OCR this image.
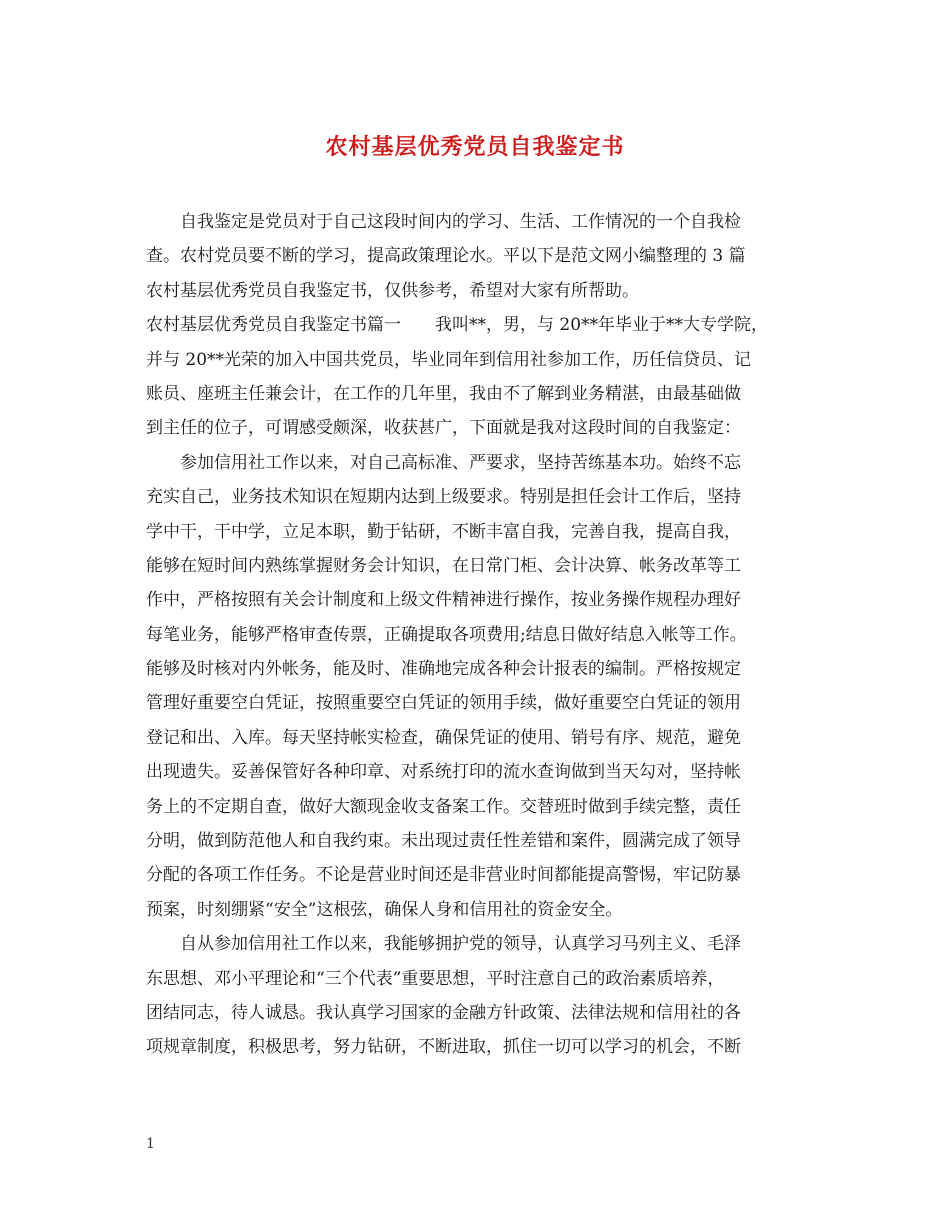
农村基层优秀党员自我鉴定书
自我鉴定是党员对于自己这段时间内的学习、生活、工作情况的一个自我检
查。农村党员要不断的学习，提高政策理论水。平以下是范文网小编整理的 3 篇
农村基层优秀党员自我鉴定书，仅供参考，希望对大家有所帮助。
农村基层优秀党员自我鉴定书篇一 我叫**，男，与 20**年毕业于**大专学院，
并与 20**光荣的加入中国共党员，毕业同年到信用社参加工作，历任信贷员、记
账员、座班主任兼会计，在工作的几年里，我由不了解到业务精湛，由最基础做
到主任的位子，可谓感受颇深，收获甚广，下面就是我对这段时间的自我鉴定：
参加信用社工作以来，对自己高标准、严要求，坚持苦练基本功。始终不忘
充实自己，业务技术知识在短期内达到上级要求。特别是担任会计工作后，坚持
学中干，干中学，立足本职，勤于钻研，不断丰富自我，完善自我，提高自我，
能够在短时间内熟练掌握财务会计知识，在日常门柜、会计决算、帐务改革等工
作中，严格按照有关会计制度和上级文件精神进行操作，按业务操作规程办理好
每笔业务，能够严格审查传票，正确提取各项费用;结息日做好结息入帐等工作。
能够及时核对内外帐务，能及时、准确地完成各种会计报表的编制。严格按规定
管理好重要空白凭证，按照重要空白凭证的领用手续，做好重要空白凭证的领用
登记和出、入库。每天坚持帐实检查，确保凭证的使用、销号有序、规范，避免
出现遗失。妥善保管好各种印章、对系统打印的流水查询做到当天勾对，坚持帐
务上的不定期自查，做好大额现金收支备案工作。交替班时做到手续完整，责任
分明，做到防范他人和自我约束。未出现过责任性差错和案件，圆满完成了领导
分配的各项工作任务。不论是营业时间还是非营业时间都能提高警惕，牢记防暴
预案，时刻绷紧“安全”这根弦，确保人身和信用社的资金安全。
自从参加信用社工作以来，我能够拥护党的领导，认真学习马列主义、毛泽
东思想、邓小平理论和“三个代表”重要思想，平时注意自己的政治素质培养，
团结同志，待人诚恳。我认真学习国家的金融方针政策、法律法规和信用社的各
项规章制度，积极思考，努力钻研，不断进取，抓住一切可以学习的机会，不断
1
